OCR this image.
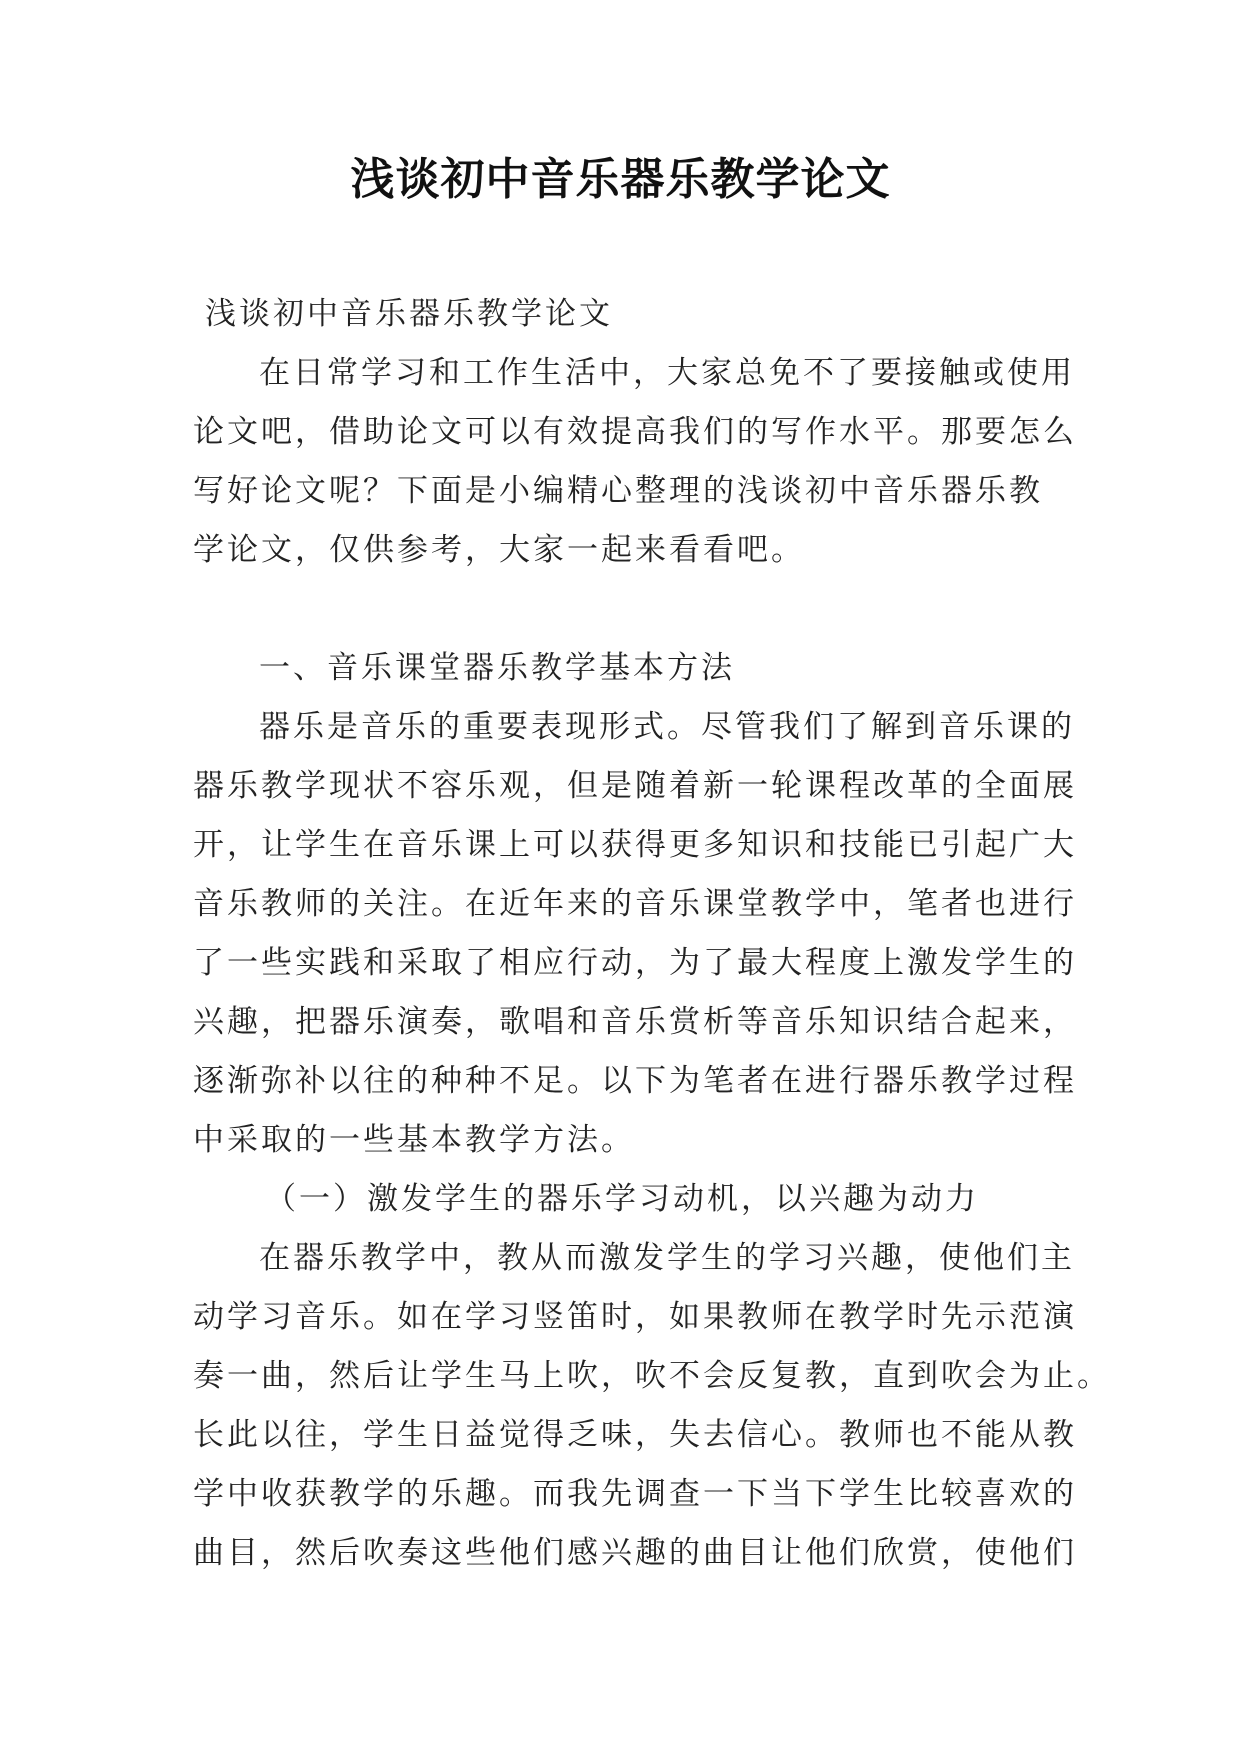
浅谈初中音乐器乐教学论文
浅谈初中音乐器乐教学论文
在日常学习和工作生活中，大家总免不了要接触或使用
论文吧，借助论文可以有效提高我们的写作水平。那要怎么
写好论文呢？下面是小编精心整理的浅谈初中音乐器乐教
学论文，仅供参考，大家一起来看看吧。
一、音乐课堂器乐教学基本方法
器乐是音乐的重要表现形式。尽管我们了解到音乐课的
器乐教学现状不容乐观，但是随着新一轮课程改革的全面展
开，让学生在音乐课上可以获得更多知识和技能已引起广大
音乐教师的关注。在近年来的音乐课堂教学中，笔者也进行
了一些实践和采取了相应行动，为了最大程度上激发学生的
兴趣，把器乐演奏，歌唱和音乐赏析等音乐知识结合起来，
逐渐弥补以往的种种不足。以下为笔者在进行器乐教学过程
中采取的一些基本教学方法。
（一）激发学生的器乐学习动机，以兴趣为动力
在器乐教学中，教从而激发学生的学习兴趣，使他们主
动学习音乐。如在学习竖笛时，如果教师在教学时先示范演
奏一曲，然后让学生马上吹，吹不会反复教，直到吹会为止。
长此以往，学生日益觉得乏味，失去信心。教师也不能从教
学中收获教学的乐趣。而我先调查一下当下学生比较喜欢的
曲目，然后吹奏这些他们感兴趣的曲目让他们欣赏，使他们
